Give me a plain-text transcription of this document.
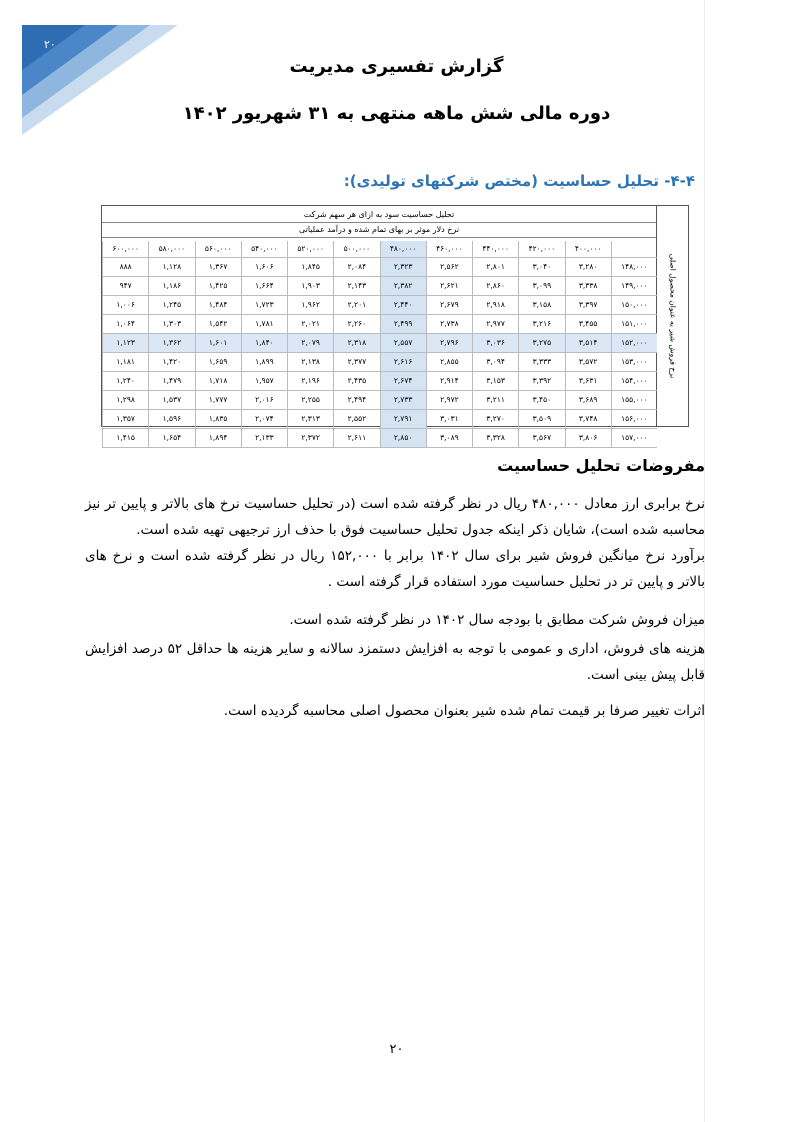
۲۰
گزارش تفسیری مدیریت
دوره مالی شش ماهه منتهی به ۳۱ شهریور ۱۴۰۲
۴-۴- تحلیل حساسیت (مختص شرکتهای تولیدی):
نرخ فروش شیر به عنوان محصول اصلی
تحلیل حساسیت سود به ازای هر سهم شرکت
نرخ دلار موثر بر بهای تمام شده و درآمد عملیاتی
۴۰۰,۰۰۰
۴۲۰,۰۰۰
۴۴۰,۰۰۰
۴۶۰,۰۰۰
۴۸۰,۰۰۰
۵۰۰,۰۰۰
۵۲۰,۰۰۰
۵۴۰,۰۰۰
۵۶۰,۰۰۰
۵۸۰,۰۰۰
۶۰۰,۰۰۰
۱۴۸,۰۰۰
۳,۲۸۰
۳,۰۴۰
۲,۸۰۱
۲,۵۶۲
۲,۳۲۳
۲,۰۸۴
۱,۸۴۵
۱,۶۰۶
۱,۳۶۷
۱,۱۲۸
۸۸۸
۱۴۹,۰۰۰
۳,۳۳۸
۳,۰۹۹
۲,۸۶۰
۲,۶۲۱
۲,۳۸۲
۲,۱۴۳
۱,۹۰۳
۱,۶۶۴
۱,۴۲۵
۱,۱۸۶
۹۴۷
۱۵۰,۰۰۰
۳,۳۹۷
۳,۱۵۸
۲,۹۱۸
۲,۶۷۹
۲,۴۴۰
۲,۲۰۱
۱,۹۶۲
۱,۷۲۳
۱,۴۸۴
۱,۲۴۵
۱,۰۰۶
۱۵۱,۰۰۰
۳,۴۵۵
۳,۲۱۶
۲,۹۷۷
۲,۷۳۸
۲,۴۹۹
۲,۲۶۰
۲,۰۲۱
۱,۷۸۱
۱,۵۴۲
۱,۳۰۳
۱,۰۶۴
۱۵۲,۰۰۰
۳,۵۱۴
۳,۲۷۵
۳,۰۳۶
۲,۷۹۶
۲,۵۵۷
۲,۳۱۸
۲,۰۷۹
۱,۸۴۰
۱,۶۰۱
۱,۳۶۲
۱,۱۲۳
۱۵۳,۰۰۰
۳,۵۷۲
۳,۳۳۳
۳,۰۹۴
۲,۸۵۵
۲,۶۱۶
۲,۳۷۷
۲,۱۳۸
۱,۸۹۹
۱,۶۵۹
۱,۴۲۰
۱,۱۸۱
۱۵۴,۰۰۰
۳,۶۳۱
۳,۳۹۲
۳,۱۵۳
۲,۹۱۴
۲,۶۷۴
۲,۴۳۵
۲,۱۹۶
۱,۹۵۷
۱,۷۱۸
۱,۴۷۹
۱,۲۴۰
۱۵۵,۰۰۰
۳,۶۸۹
۳,۴۵۰
۳,۲۱۱
۲,۹۷۲
۲,۷۳۳
۲,۴۹۴
۲,۲۵۵
۲,۰۱۶
۱,۷۷۷
۱,۵۳۷
۱,۲۹۸
۱۵۶,۰۰۰
۳,۷۴۸
۳,۵۰۹
۳,۲۷۰
۳,۰۳۱
۲,۷۹۱
۲,۵۵۲
۲,۳۱۳
۲,۰۷۴
۱,۸۳۵
۱,۵۹۶
۱,۳۵۷
۱۵۷,۰۰۰
۳,۸۰۶
۳,۵۶۷
۳,۳۲۸
۳,۰۸۹
۲,۸۵۰
۲,۶۱۱
۲,۳۷۲
۲,۱۳۳
۱,۸۹۴
۱,۶۵۴
۱,۴۱۵
مفروضات تحلیل حساسیت
نرخ برابری ارز معادل ۴۸۰,۰۰۰ ریال در نظر گرفته شده است (در تحلیل حساسیت نرخ های بالاتر و پایین تر نیز محاسبه شده است)، شایان ذکر اینکه جدول تحلیل حساسیت فوق با حذف ارز ترجیهی تهیه شده است.
برآورد نرخ میانگین فروش شیر برای سال ۱۴۰۲ برابر با ۱۵۲,۰۰۰ ریال در نظر گرفته شده است و نرخ های بالاتر و پایین تر در تحلیل حساسیت مورد استفاده قرار گرفته است .
میزان فروش شرکت مطابق با بودجه سال ۱۴۰۲ در نظر گرفته شده است.
هزینه های فروش، اداری و عمومی با توجه به افزایش دستمزد سالانه و سایر هزینه ها حداقل ۵۲ درصد افزایش قابل پیش بینی است.
اثرات تغییر صرفا بر قیمت تمام شده شیر بعنوان محصول اصلی محاسبه گردیده است.
۲۰
